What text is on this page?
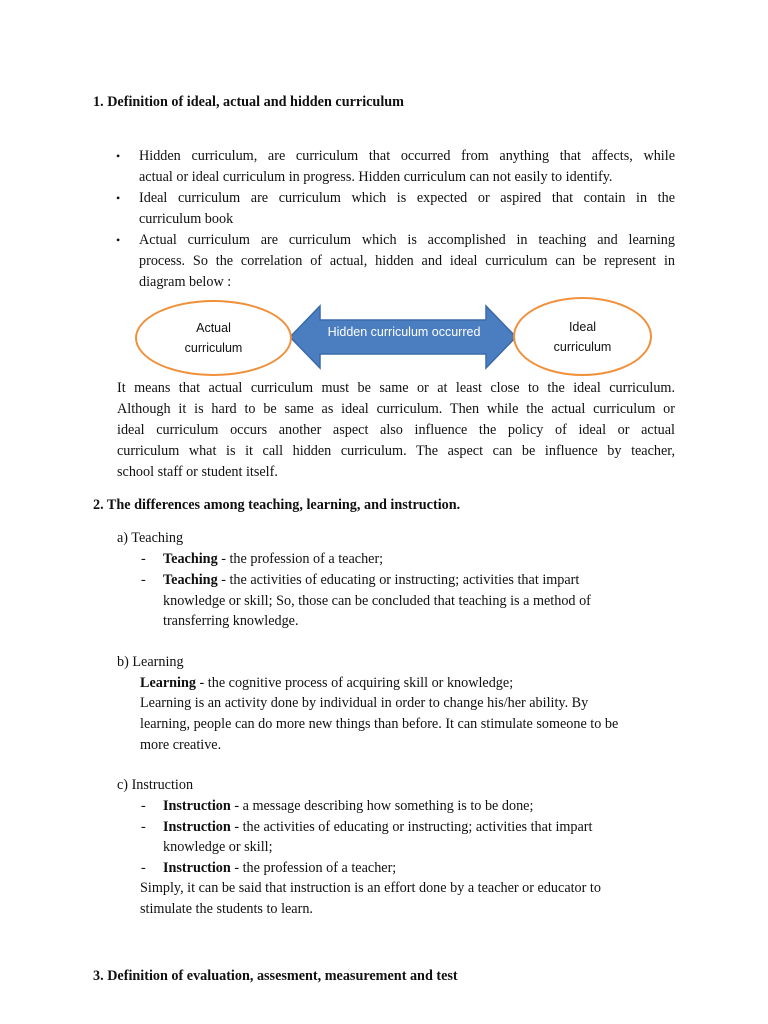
1. Definition of ideal, actual and hidden curriculum
• Hidden curriculum, are curriculum that occurred from anything that affects, while
actual or ideal curriculum in progress. Hidden curriculum can not easily to identify.
• Ideal curriculum are curriculum which is expected or aspired that contain in the
curriculum book
• Actual curriculum are curriculum which is accomplished in teaching and learning
process. So the correlation of actual, hidden and ideal curriculum can be represent in
diagram below :
Hidden curriculum occurred
Actual
curriculum
Ideal
curriculum
It means that actual curriculum must be same or at least close to the ideal curriculum.
Although it is hard to be same as ideal curriculum. Then while the actual curriculum or
ideal curriculum occurs another aspect also influence the policy of ideal or actual
curriculum what is it call hidden curriculum. The aspect can be influence by teacher,
school staff or student itself.
2. The differences among teaching, learning, and instruction.
a) Teaching
- Teaching - the profession of a teacher;
- Teaching - the activities of educating or instructing; activities that impart
knowledge or skill; So, those can be concluded that teaching is a method of
transferring knowledge.
b) Learning
Learning - the cognitive process of acquiring skill or knowledge;
Learning is an activity done by individual in order to change his/her ability. By
learning, people can do more new things than before. It can stimulate someone to be
more creative.
c) Instruction
- Instruction - a message describing how something is to be done;
- Instruction - the activities of educating or instructing; activities that impart
knowledge or skill;
- Instruction - the profession of a teacher;
Simply, it can be said that instruction is an effort done by a teacher or educator to
stimulate the students to learn.
3. Definition of evaluation, assesment, measurement and test
